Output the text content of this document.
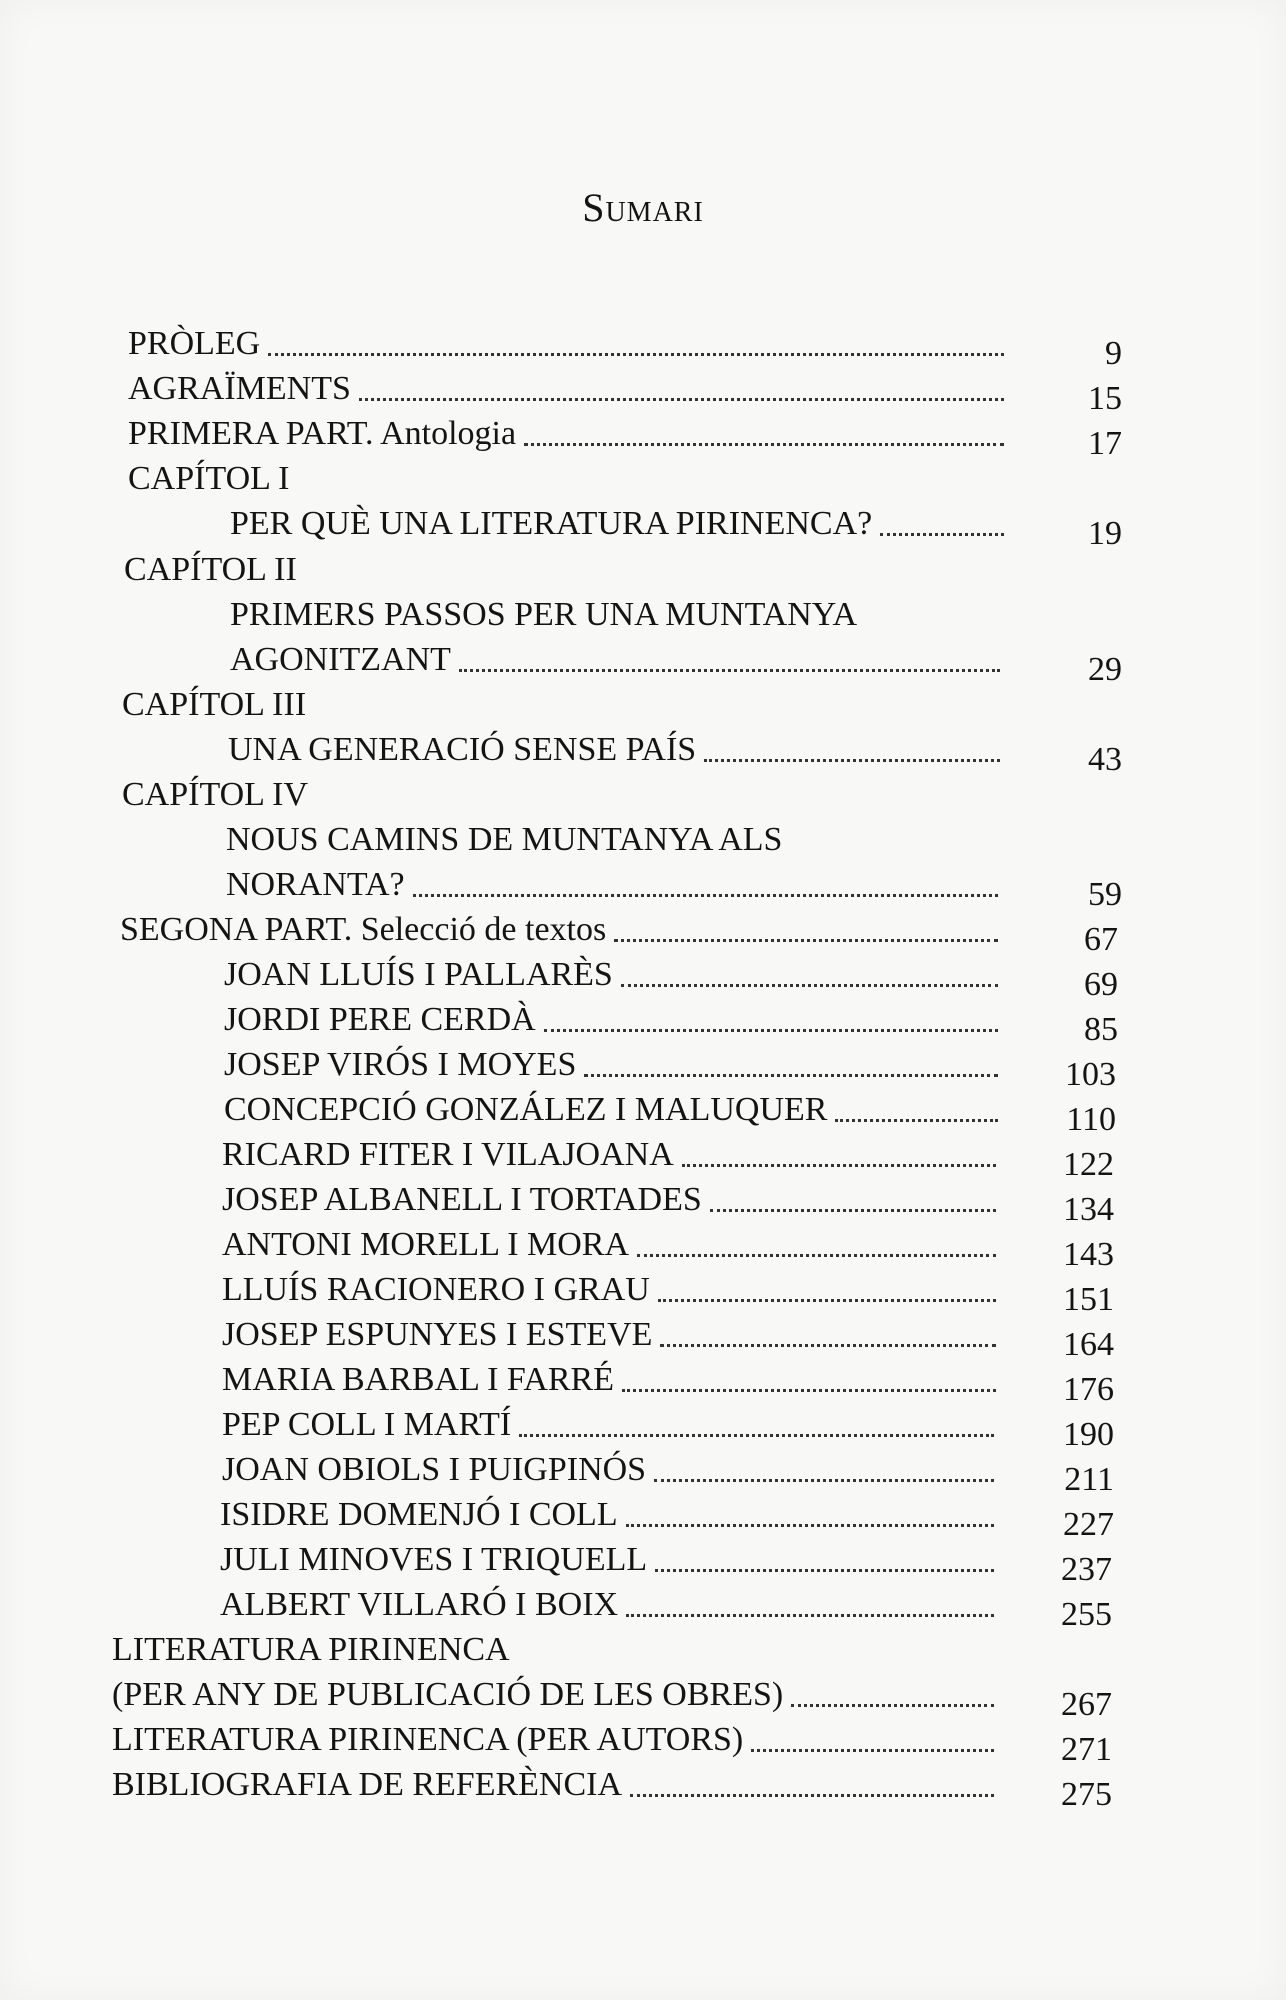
Sumari
PRÒLEG	9
AGRAÏMENTS	15
PRIMERA PART. Antologia	17
CAPÍTOL I
PER QUÈ UNA LITERATURA PIRINENCA?	19
CAPÍTOL II
PRIMERS PASSOS PER UNA MUNTANYA
AGONITZANT	29
CAPÍTOL III
UNA GENERACIÓ SENSE PAÍS	43
CAPÍTOL IV
NOUS CAMINS DE MUNTANYA ALS
NORANTA?	59
SEGONA PART. Selecció de textos	67
JOAN LLUÍS I PALLARÈS	69
JORDI PERE CERDÀ	85
JOSEP VIRÓS I MOYES	103
CONCEPCIÓ GONZÁLEZ I MALUQUER	110
RICARD FITER I VILAJOANA	122
JOSEP ALBANELL I TORTADES	134
ANTONI MORELL I MORA	143
LLUÍS RACIONERO I GRAU	151
JOSEP ESPUNYES I ESTEVE	164
MARIA BARBAL I FARRÉ	176
PEP COLL I MARTÍ	190
JOAN OBIOLS I PUIGPINÓS	211
ISIDRE DOMENJÓ I COLL	227
JULI MINOVES I TRIQUELL	237
ALBERT VILLARÓ I BOIX	255
LITERATURA PIRINENCA
(PER ANY DE PUBLICACIÓ DE LES OBRES)	267
LITERATURA PIRINENCA (PER AUTORS)	271
BIBLIOGRAFIA DE REFERÈNCIA	275
